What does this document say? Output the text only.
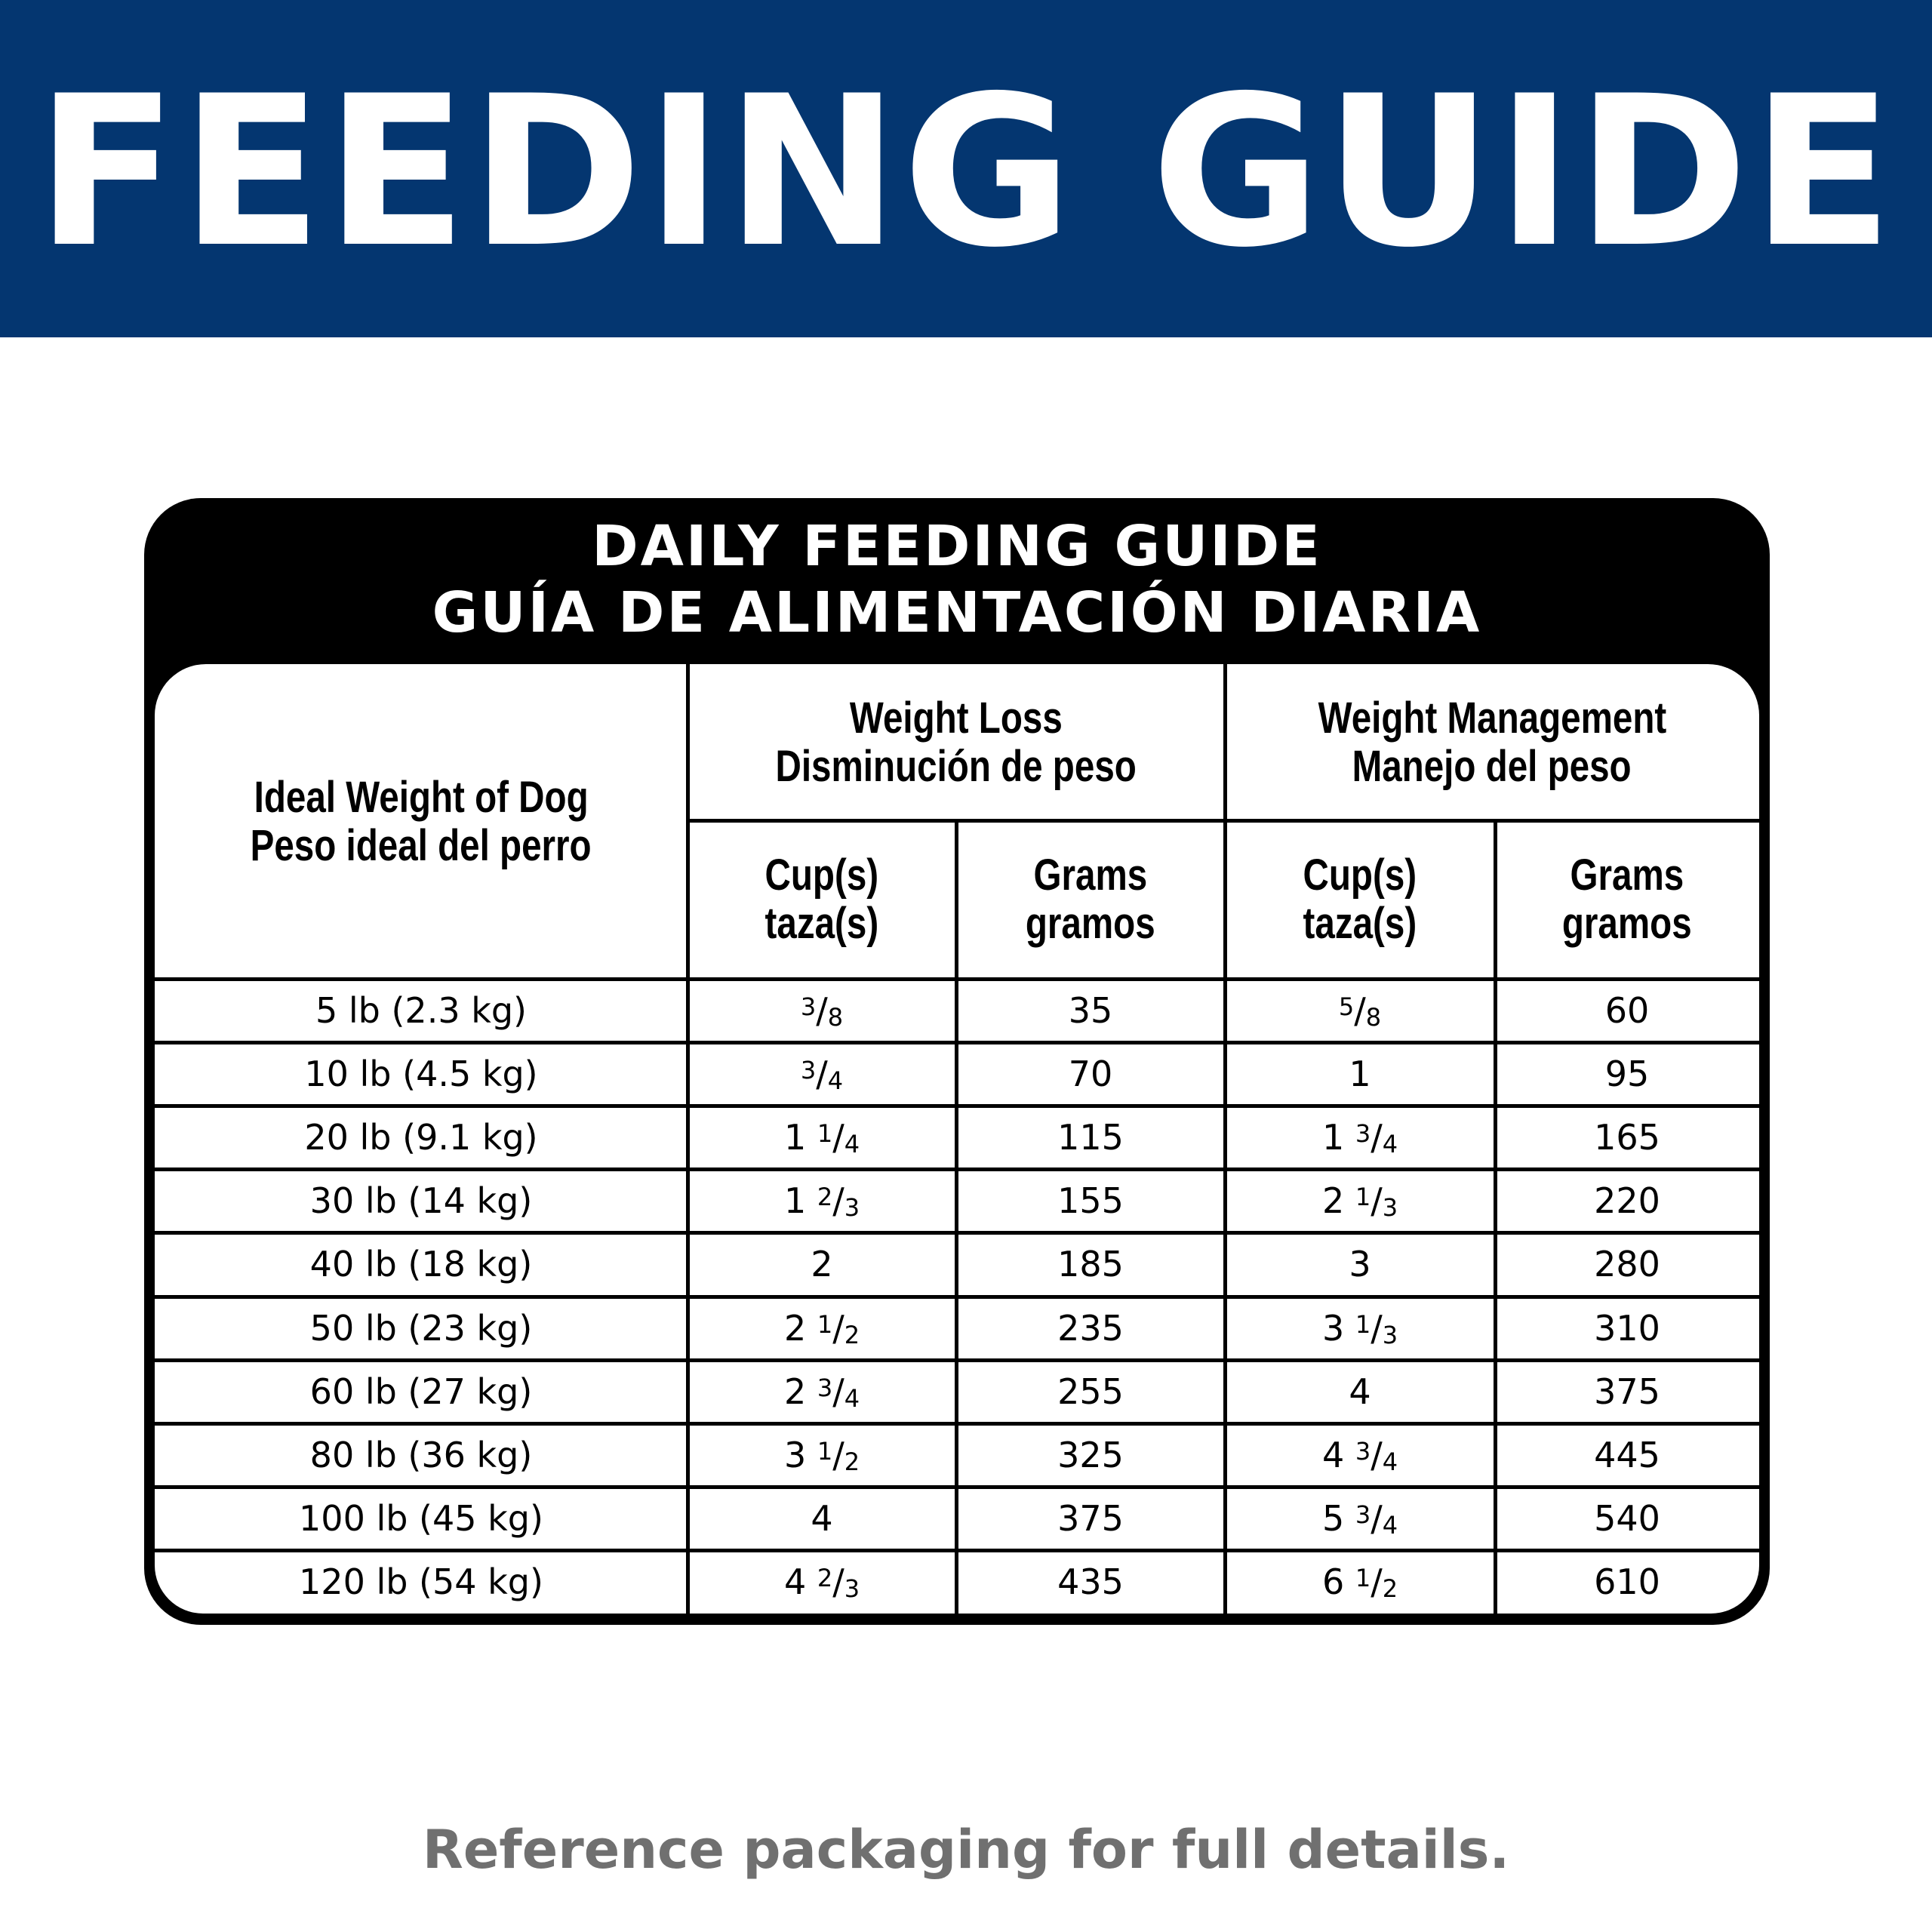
FEEDING GUIDE
DAILY FEEDING GUIDE
GUÍA DE ALIMENTACIÓN DIARIA
Ideal Weight of Dog
Peso ideal del perro
Weight Loss
Disminución de peso
Weight Management
Manejo del peso
Cup(s)
taza(s)
Grams
gramos
Cup(s)
taza(s)
Grams
gramos
5 lb (2.3 kg)	$^3/_8$	35	$^5/_8$	60
10 lb (4.5 kg)	$^3/_4$	70	1	95
20 lb (9.1 kg)	1 $^1/_4$	115	1 $^3/_4$	165
30 lb (14 kg)	1 $^2/_3$	155	2 $^1/_3$	220
40 lb (18 kg)	2	185	3	280
50 lb (23 kg)	2 $^1/_2$	235	3 $^1/_3$	310
60 lb (27 kg)	2 $^3/_4$	255	4	375
80 lb (36 kg)	3 $^1/_2$	325	4 $^3/_4$	445
100 lb (45 kg)	4	375	5 $^3/_4$	540
120 lb (54 kg)	4 $^2/_3$	435	6 $^1/_2$	610
Reference packaging for full details.
